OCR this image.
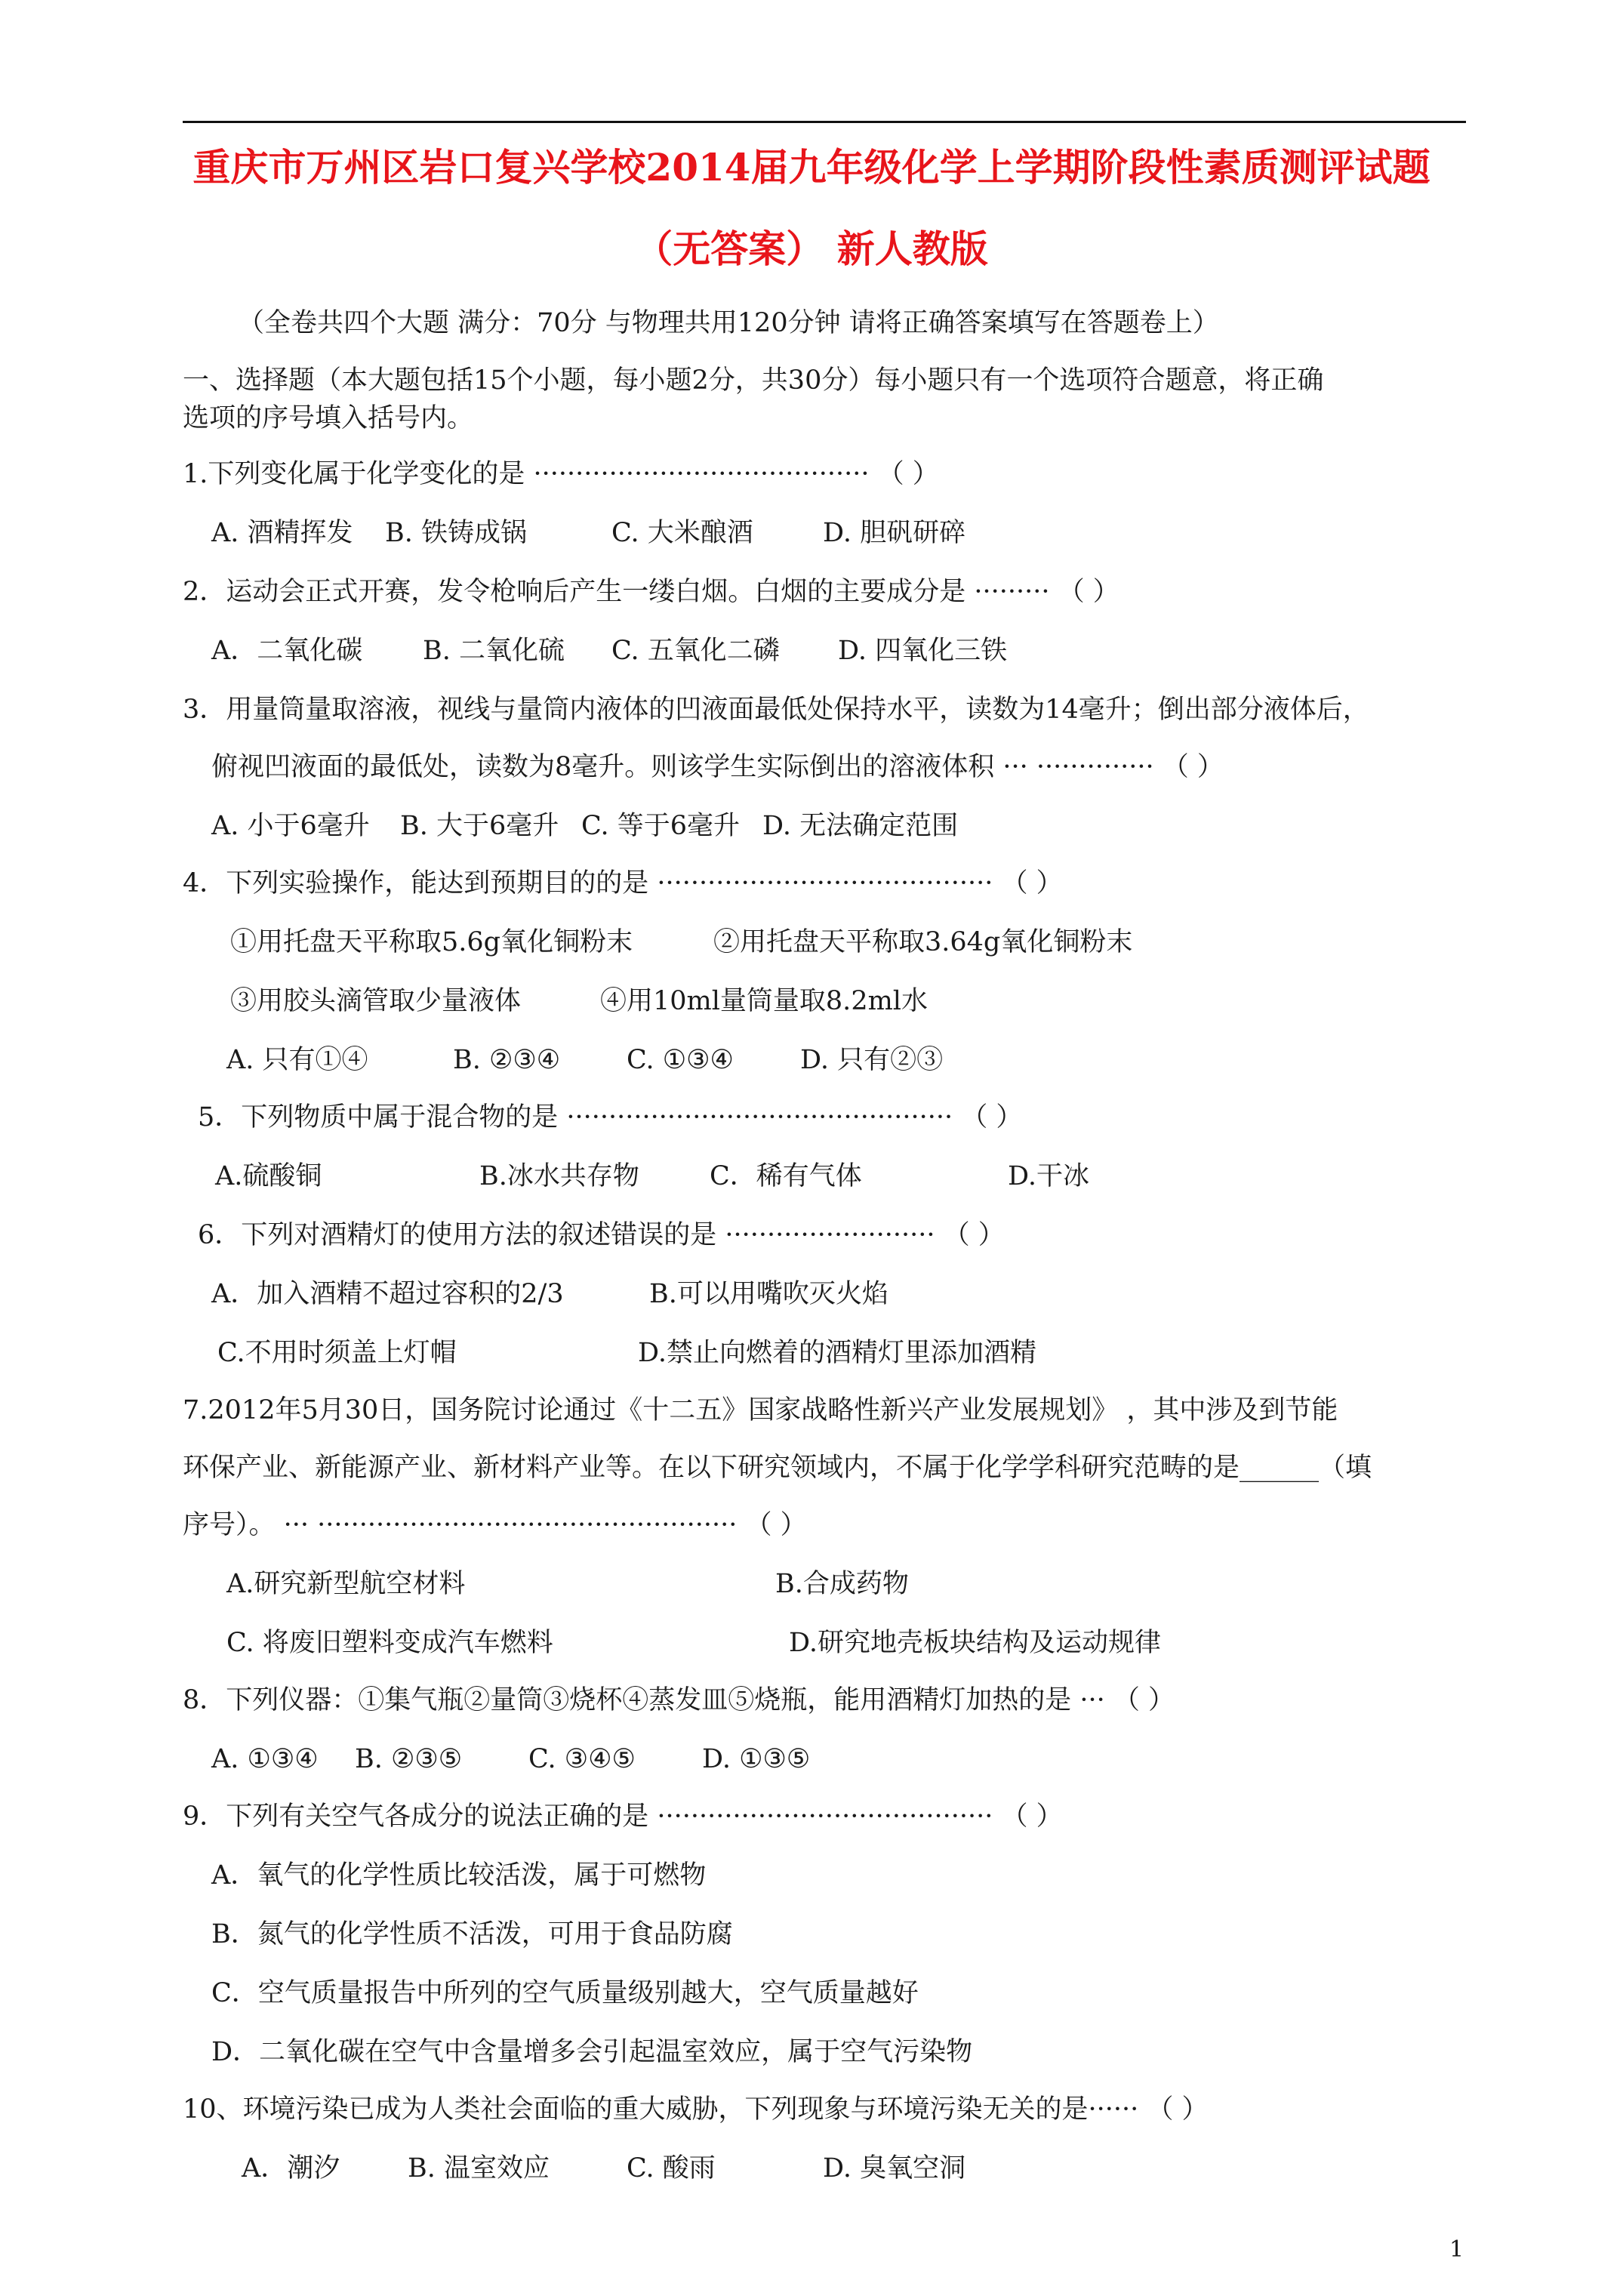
重庆市万州区岩口复兴学校2014届九年级化学上学期阶段性素质测评试题
（无答案） 新人教版
（全卷共四个大题 满分：70分 与物理共用120分钟 请将正确答案填写在答题卷上）
一、选择题（本大题包括15个小题，每小题2分，共30分）每小题只有一个选项符合题意，将正确
选项的序号填入括号内。
1.下列变化属于化学变化的是 ········································ （ ）
A. 酒精挥发 B. 铁铸成锅	C. 大米酿酒	D. 胆矾研碎
2．运动会正式开赛，发令枪响后产生一缕白烟。白烟的主要成分是 ········· （ ）
A．二氧化碳 B. 二氧化硫 C. 五氧化二磷 D. 四氧化三铁
3．用量筒量取溶液，视线与量筒内液体的凹液面最低处保持水平，读数为14毫升；倒出部分液体后，
俯视凹液面的最低处，读数为8毫升。则该学生实际倒出的溶液体积 ··· ·············· （ ）
A. 小于6毫升 B. 大于6毫升 C. 等于6毫升 D. 无法确定范围
4．下列实验操作，能达到预期目的的是 ········································ （ ）
①用托盘天平称取5.6g氧化铜粉末	②用托盘天平称取3.64g氧化铜粉末
③用胶头滴管取少量液体	④用10ml量筒量取8.2ml水
A. 只有①④	B. ②③④	C. ①③④	D. 只有②③
5．下列物质中属于混合物的是 ·············································· （ ）
A.硫酸铜	B.冰水共存物	C．稀有气体	D.干冰
6．下列对酒精灯的使用方法的叙述错误的是 ························· （ ）
A．加入酒精不超过容积的2/3	B.可以用嘴吹灭火焰
C.不用时须盖上灯帽	D.禁止向燃着的酒精灯里添加酒精
7.2012年5月30日，国务院讨论通过《十二五》国家战略性新兴产业发展规划》 ，其中涉及到节能
环保产业、新能源产业、新材料产业等。在以下研究领域内，不属于化学学科研究范畴的是______（填
序号）。 ··· ·················································· （ ）
A.研究新型航空材料	B.合成药物
C. 将废旧塑料变成汽车燃料	D.研究地壳板块结构及运动规律
8．下列仪器：①集气瓶②量筒③烧杯④蒸发皿⑤烧瓶，能用酒精灯加热的是 ··· （ ）
A. ①③④ B. ②③⑤	C. ③④⑤	D. ①③⑤
9．下列有关空气各成分的说法正确的是 ········································ （ ）
A．氧气的化学性质比较活泼，属于可燃物
B．氮气的化学性质不活泼，可用于食品防腐
C．空气质量报告中所列的空气质量级别越大，空气质量越好
D．二氧化碳在空气中含量增多会引起温室效应，属于空气污染物
10、环境污染已成为人类社会面临的重大威胁，下列现象与环境污染无关的是······ （ ）
A．潮汐	B. 温室效应	C. 酸雨	D. 臭氧空洞
1
